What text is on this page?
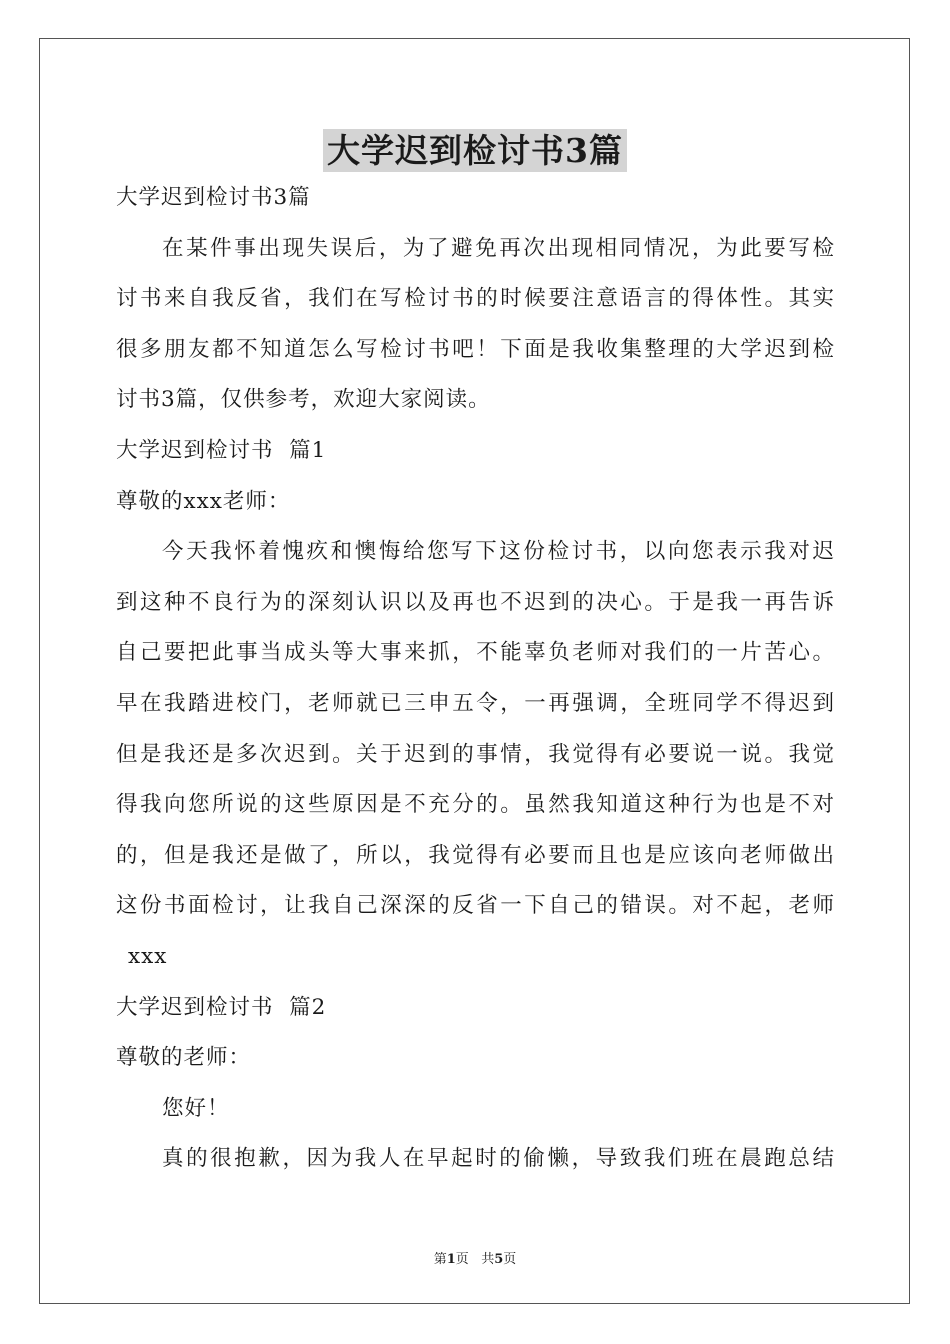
大学迟到检讨书3篇
大学迟到检讨书3篇
在某件事出现失误后，为了避免再次出现相同情况，为此要写检
讨书来自我反省，我们在写检讨书的时候要注意语言的得体性。其实
很多朋友都不知道怎么写检讨书吧！下面是我收集整理的大学迟到检
讨书3篇，仅供参考，欢迎大家阅读。
大学迟到检讨书  篇1
尊敬的xxx老师：
今天我怀着愧疚和懊悔给您写下这份检讨书，以向您表示我对迟
到这种不良行为的深刻认识以及再也不迟到的决心。于是我一再告诉
自己要把此事当成头等大事来抓，不能辜负老师对我们的一片苦心。
早在我踏进校门，老师就已三申五令，一再强调，全班同学不得迟到
但是我还是多次迟到。关于迟到的事情，我觉得有必要说一说。我觉
得我向您所说的这些原因是不充分的。虽然我知道这种行为也是不对
的，但是我还是做了，所以，我觉得有必要而且也是应该向老师做出
这份书面检讨，让我自己深深的反省一下自己的错误。对不起，老师
xxx
大学迟到检讨书  篇2
尊敬的老师：
您好！
真的很抱歉，因为我人在早起时的偷懒，导致我们班在晨跑总结
第1页   共5页
